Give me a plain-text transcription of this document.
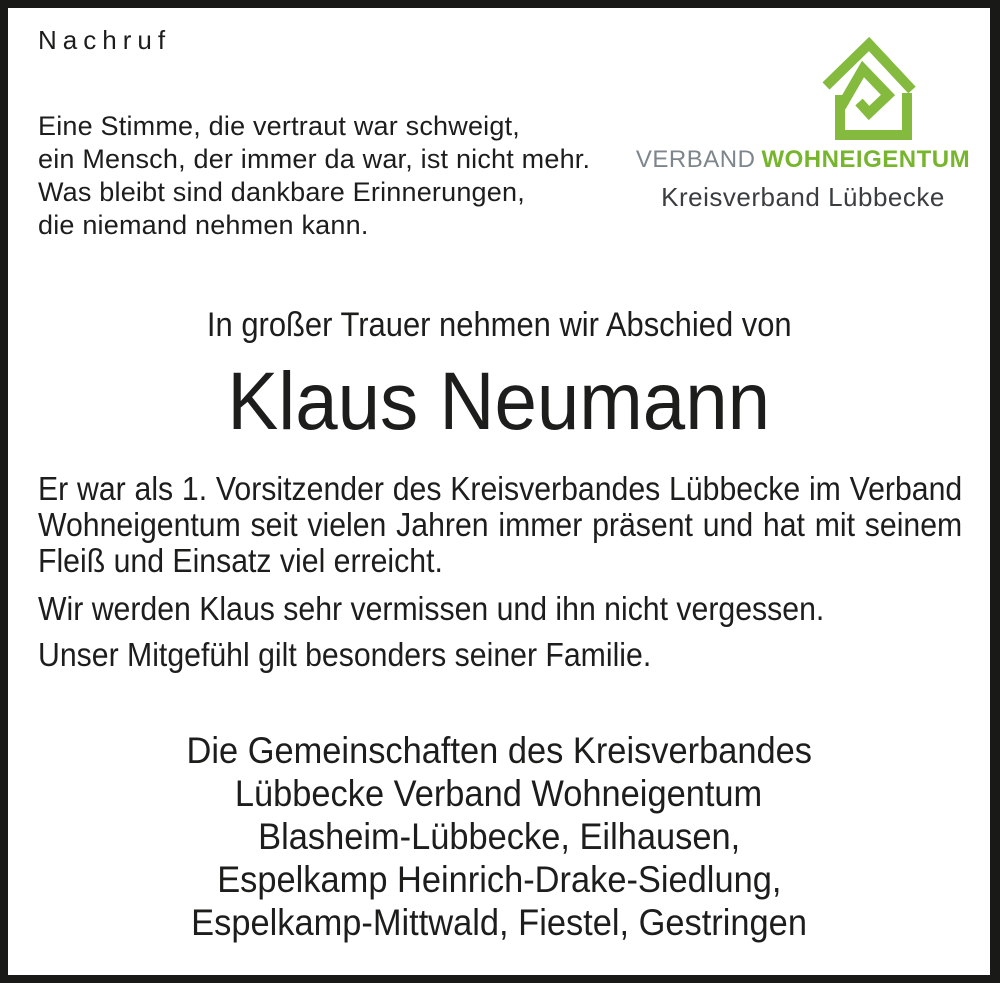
Nachruf
Eine Stimme, die vertraut war schweigt,
ein Mensch, der immer da war, ist nicht mehr.
Was bleibt sind dankbare Erinnerungen,
die niemand nehmen kann.
VERBAND WOHNEIGENTUM
Kreisverband Lübbecke
In großer Trauer nehmen wir Abschied von
Klaus Neumann
Er war als 1. Vorsitzender des Kreisverbandes Lübbecke im Verband
Wohneigentum seit vielen Jahren immer präsent und hat mit seinem
Fleiß und Einsatz viel erreicht.
Wir werden Klaus sehr vermissen und ihn nicht vergessen.
Unser Mitgefühl gilt besonders seiner Familie.
Die Gemeinschaften des Kreisverbandes
Lübbecke Verband Wohneigentum
Blasheim-Lübbecke, Eilhausen,
Espelkamp Heinrich-Drake-Siedlung,
Espelkamp-Mittwald, Fiestel, Gestringen
